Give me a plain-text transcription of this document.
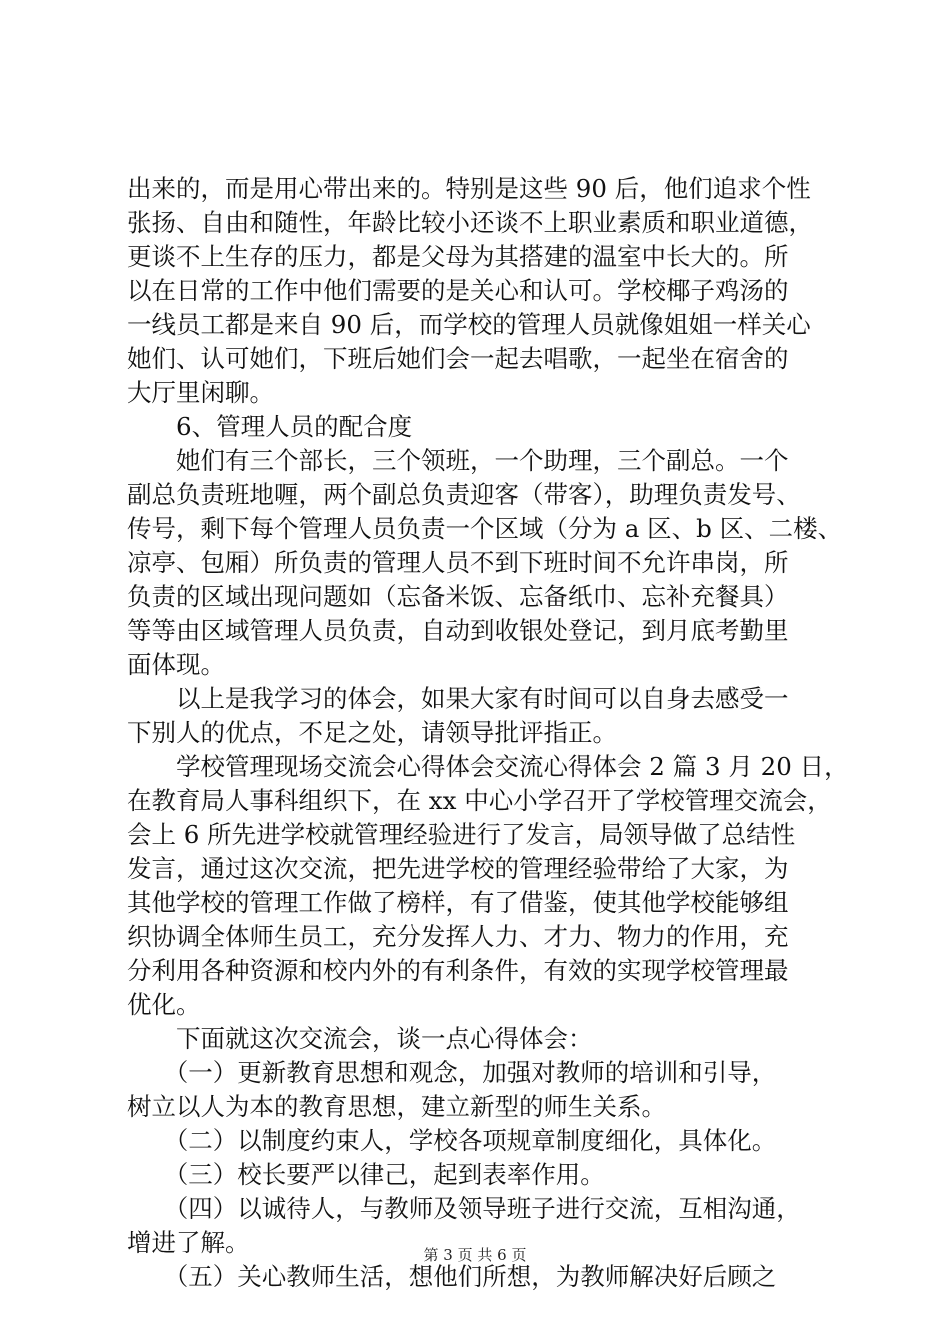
出来的，而是用心带出来的。特别是这些 90 后，他们追求个性
张扬、自由和随性，年龄比较小还谈不上职业素质和职业道德，
更谈不上生存的压力，都是父母为其搭建的温室中长大的。所
以在日常的工作中他们需要的是关心和认可。学校椰子鸡汤的
一线员工都是来自 90 后，而学校的管理人员就像姐姐一样关心
她们、认可她们，下班后她们会一起去唱歌，一起坐在宿舍的
大厅里闲聊。
　　6、管理人员的配合度
　　她们有三个部长，三个领班，一个助理，三个副总。一个
副总负责班地喱，两个副总负责迎客（带客），助理负责发号、
传号，剩下每个管理人员负责一个区域（分为 a 区、b 区、二楼、
凉亭、包厢）所负责的管理人员不到下班时间不允许串岗，所
负责的区域出现问题如（忘备米饭、忘备纸巾、忘补充餐具）
等等由区域管理人员负责，自动到收银处登记，到月底考勤里
面体现。
　　以上是我学习的体会，如果大家有时间可以自身去感受一
下别人的优点，不足之处，请领导批评指正。
　　学校管理现场交流会心得体会交流心得体会 2 篇 3 月 20 日，
在教育局人事科组织下，在 xx 中心小学召开了学校管理交流会，
会上 6 所先进学校就管理经验进行了发言，局领导做了总结性
发言，通过这次交流，把先进学校的管理经验带给了大家，为
其他学校的管理工作做了榜样，有了借鉴，使其他学校能够组
织协调全体师生员工，充分发挥人力、才力、物力的作用，充
分利用各种资源和校内外的有利条件，有效的实现学校管理最
优化。
　　下面就这次交流会，谈一点心得体会：
　　（一）更新教育思想和观念，加强对教师的培训和引导，
树立以人为本的教育思想，建立新型的师生关系。
　　（二）以制度约束人，学校各项规章制度细化，具体化。
　　（三）校长要严以律己，起到表率作用。
　　（四）以诚待人，与教师及领导班子进行交流，互相沟通，
增进了解。
　　（五）关心教师生活，想他们所想，为教师解决好后顾之
第 3 页 共 6 页
